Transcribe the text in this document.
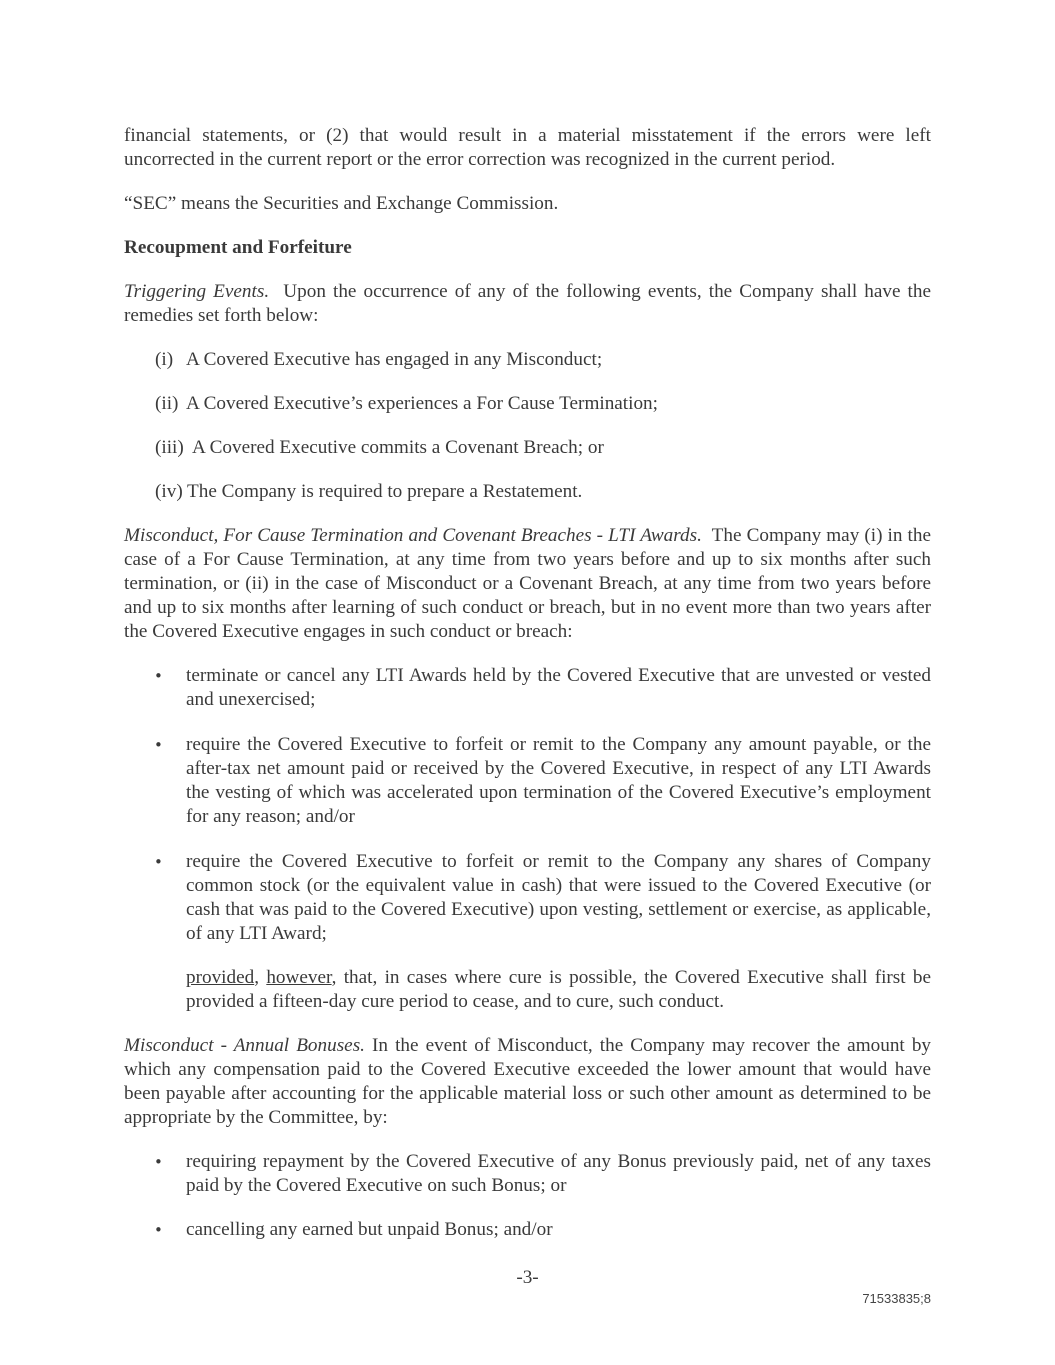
financial statements, or (2) that would result in a material misstatement if the errors were left uncorrected in the current report or the error correction was recognized in the current period.

“SEC” means the Securities and Exchange Commission.

Recoupment and Forfeiture

Triggering Events. Upon the occurrence of any of the following events, the Company shall have the remedies set forth below:

(i) A Covered Executive has engaged in any Misconduct;
(ii) A Covered Executive’s experiences a For Cause Termination;
(iii) A Covered Executive commits a Covenant Breach; or
(iv) The Company is required to prepare a Restatement.

Misconduct, For Cause Termination and Covenant Breaches - LTI Awards. The Company may (i) in the case of a For Cause Termination, at any time from two years before and up to six months after such termination, or (ii) in the case of Misconduct or a Covenant Breach, at any time from two years before and up to six months after learning of such conduct or breach, but in no event more than two years after the Covered Executive engages in such conduct or breach:

•	terminate or cancel any LTI Awards held by the Covered Executive that are unvested or vested and unexercised;
•	require the Covered Executive to forfeit or remit to the Company any amount payable, or the after-tax net amount paid or received by the Covered Executive, in respect of any LTI Awards the vesting of which was accelerated upon termination of the Covered Executive’s employment for any reason; and/or
•	require the Covered Executive to forfeit or remit to the Company any shares of Company common stock (or the equivalent value in cash) that were issued to the Covered Executive (or cash that was paid to the Covered Executive) upon vesting, settlement or exercise, as applicable, of any LTI Award;

provided, however, that, in cases where cure is possible, the Covered Executive shall first be provided a fifteen-day cure period to cease, and to cure, such conduct.

Misconduct - Annual Bonuses. In the event of Misconduct, the Company may recover the amount by which any compensation paid to the Covered Executive exceeded the lower amount that would have been payable after accounting for the applicable material loss or such other amount as determined to be appropriate by the Committee, by:

•	requiring repayment by the Covered Executive of any Bonus previously paid, net of any taxes paid by the Covered Executive on such Bonus; or
•	cancelling any earned but unpaid Bonus; and/or
-3-
71533835;8
